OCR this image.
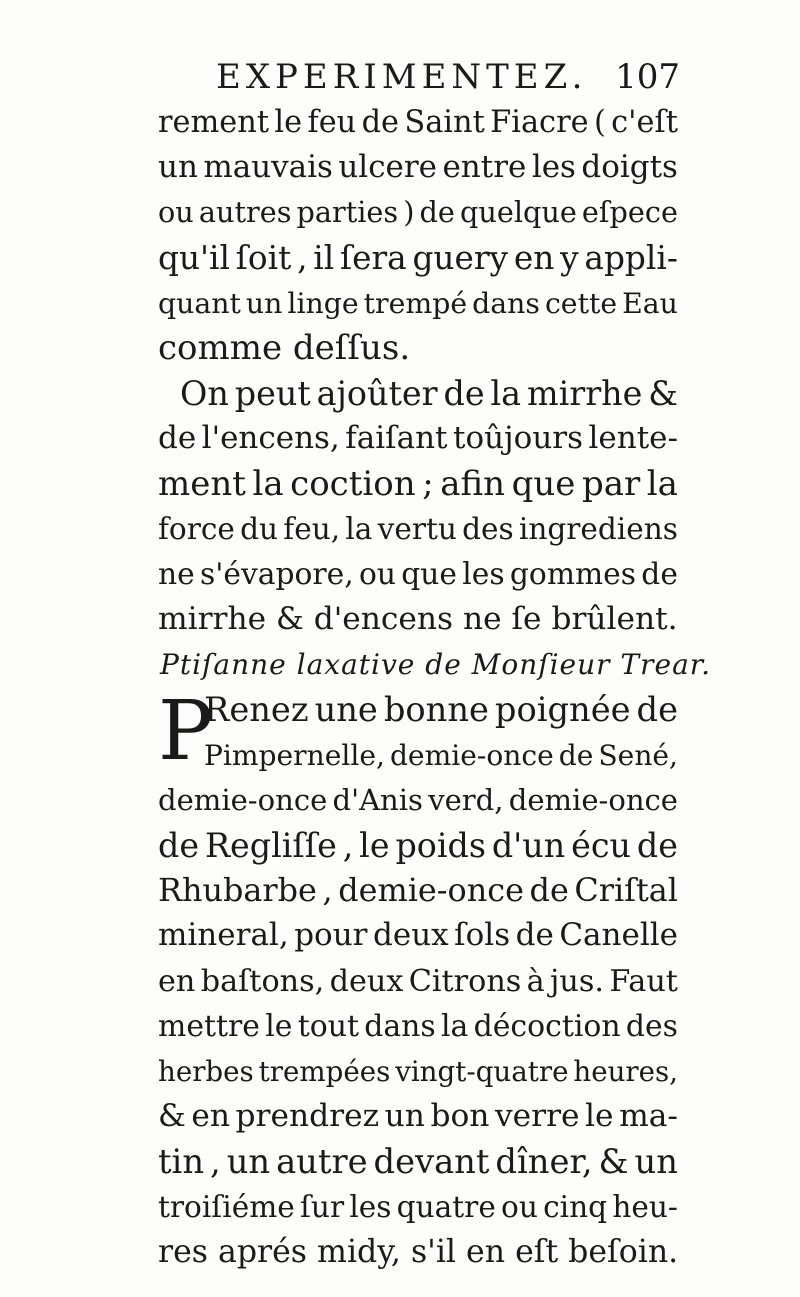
EXPERIMENTEZ. 107
rement le feu de Saint Fiacre ( c'eſt
un mauvais ulcere entre les doigts
ou autres parties ) de quelque eſpece
qu'il ſoit , il ſera guery en y appli-
quant un linge trempé dans cette Eau
comme deſſus.
On peut ajoûter de la mirrhe &
de l'encens, faiſant toûjours lente-
ment la coction ; afin que par la
force du feu, la vertu des ingrediens
ne s'évapore, ou que les gommes de
mirrhe & d'encens ne ſe brûlent.
Ptiſanne laxative de Monſieur Trear.
P
Renez une bonne poignée de
Pimpernelle, demie-once de Sené,
demie-once d'Anis verd, demie-once
de Regliſſe , le poids d'un écu de
Rhubarbe , demie-once de Criſtal
mineral, pour deux ſols de Canelle
en baſtons, deux Citrons à jus. Faut
mettre le tout dans la décoction des
herbes trempées vingt-quatre heures,
& en prendrez un bon verre le ma-
tin , un autre devant dîner, & un
troiſiéme ſur les quatre ou cinq heu-
res aprés midy, s'il en eſt beſoin.
